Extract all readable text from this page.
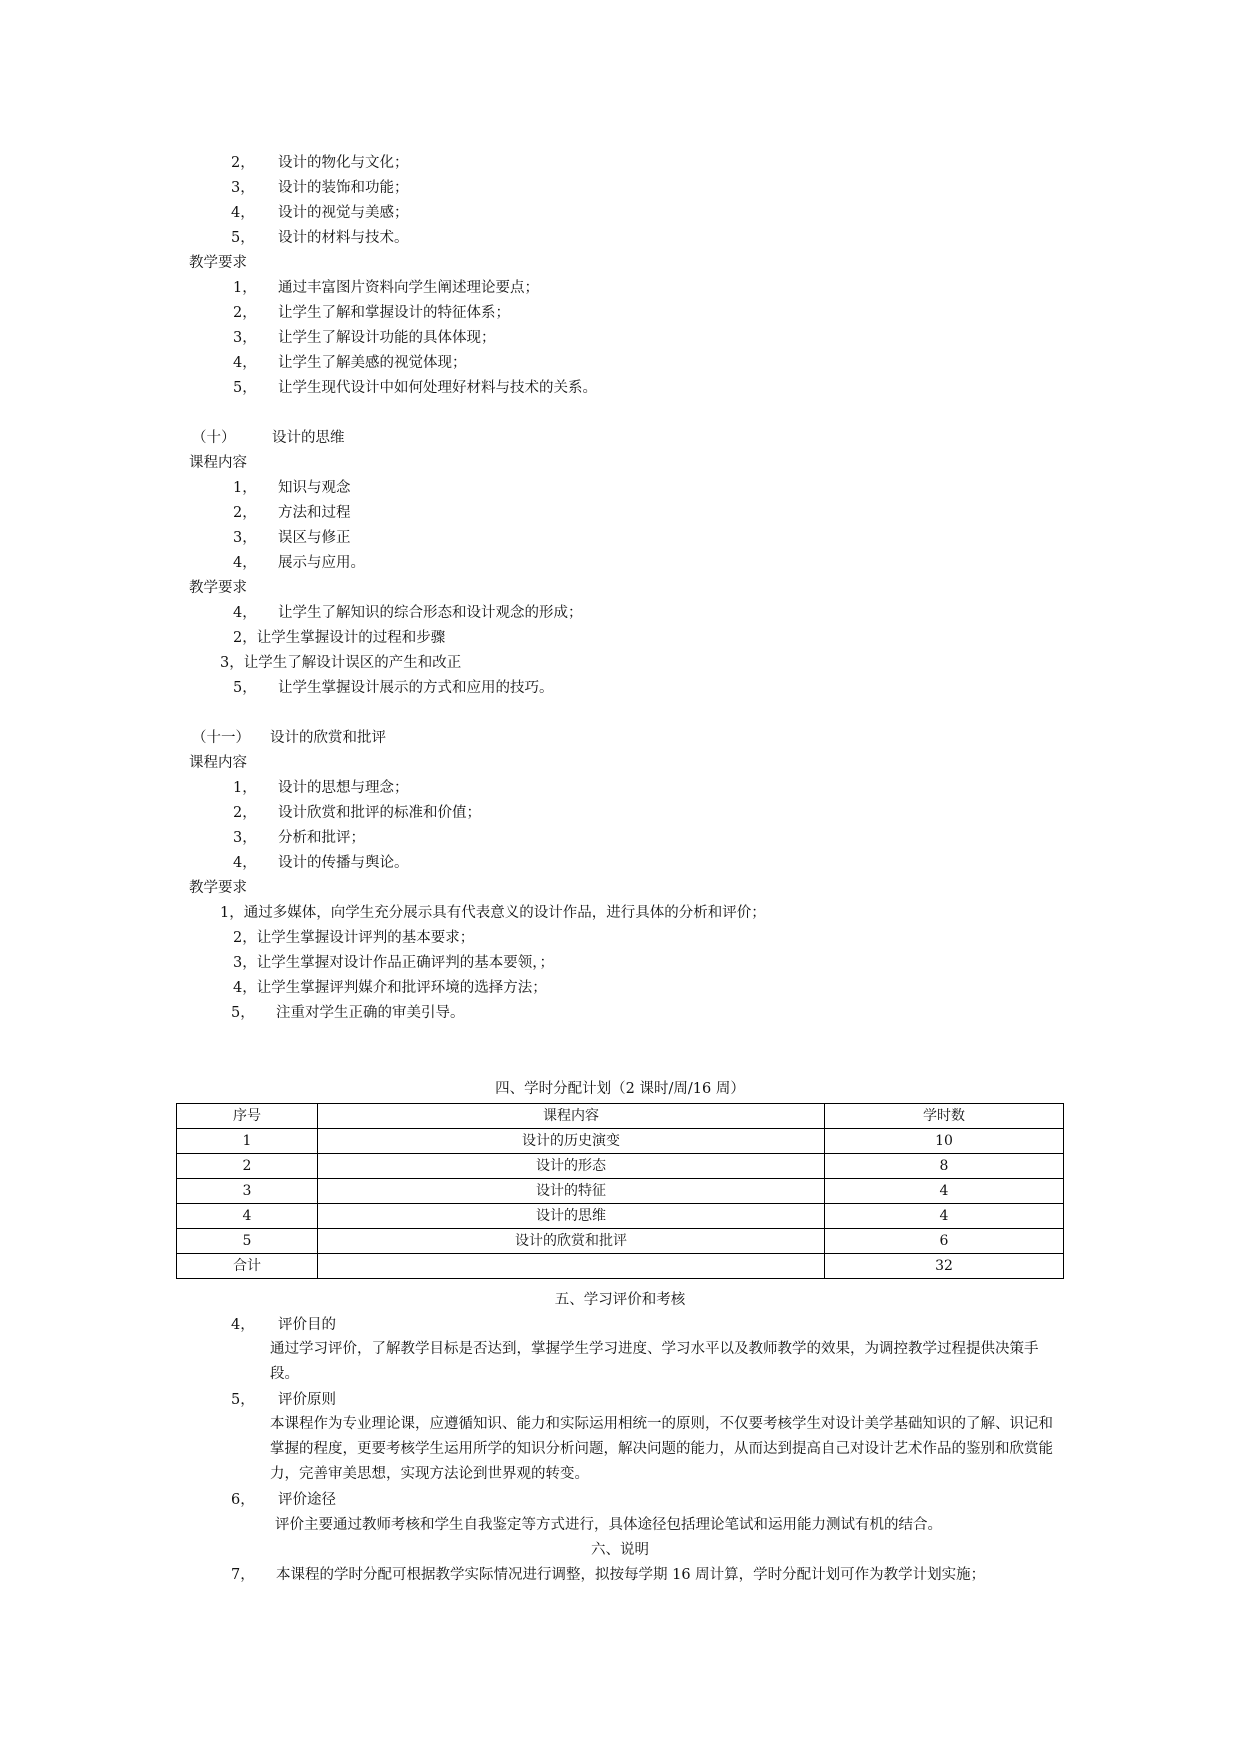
2， 设计的物化与文化；
3， 设计的装饰和功能；
4， 设计的视觉与美感；
5， 设计的材料与技术。
教学要求
1， 通过丰富图片资料向学生阐述理论要点；
2， 让学生了解和掌握设计的特征体系；
3， 让学生了解设计功能的具体体现；
4， 让学生了解美感的视觉体现；
5， 让学生现代设计中如何处理好材料与技术的关系。
（十）	设计的思维
课程内容
1， 知识与观念
2， 方法和过程
3， 误区与修正
4， 展示与应用。
教学要求
4， 让学生了解知识的综合形态和设计观念的形成；
2，让学生掌握设计的过程和步骤
3，让学生了解设计误区的产生和改正
5， 让学生掌握设计展示的方式和应用的技巧。
（十一） 设计的欣赏和批评
课程内容
1， 设计的思想与理念；
2， 设计欣赏和批评的标准和价值；
3， 分析和批评；
4， 设计的传播与舆论。
教学要求
1，通过多媒体，向学生充分展示具有代表意义的设计作品，进行具体的分析和评价；
2，让学生掌握设计评判的基本要求；
3，让学生掌握对设计作品正确评判的基本要领，；
4，让学生掌握评判媒介和批评环境的选择方法；
5， 注重对学生正确的审美引导。
四、学时分配计划（2 课时/周/16 周）
序号	课程内容	学时数
1	设计的历史演变	10
2	设计的形态	8
3	设计的特征	4
4	设计的思维	4
5	设计的欣赏和批评	6
合计		32
五、学习评价和考核
4， 评价目的
通过学习评价，了解教学目标是否达到，掌握学生学习进度、学习水平以及教师教学的效果，为调控教学过程提供决策手段。
5， 评价原则
本课程作为专业理论课，应遵循知识、能力和实际运用相统一的原则，不仅要考核学生对设计美学基础知识的了解、识记和掌握的程度，更要考核学生运用所学的知识分析问题，解决问题的能力，从而达到提高自己对设计艺术作品的鉴别和欣赏能力，完善审美思想，实现方法论到世界观的转变。
6， 评价途径
评价主要通过教师考核和学生自我鉴定等方式进行，具体途径包括理论笔试和运用能力测试有机的结合。
六、说明
7， 本课程的学时分配可根据教学实际情况进行调整，拟按每学期 16 周计算，学时分配计划可作为教学计划实施；
